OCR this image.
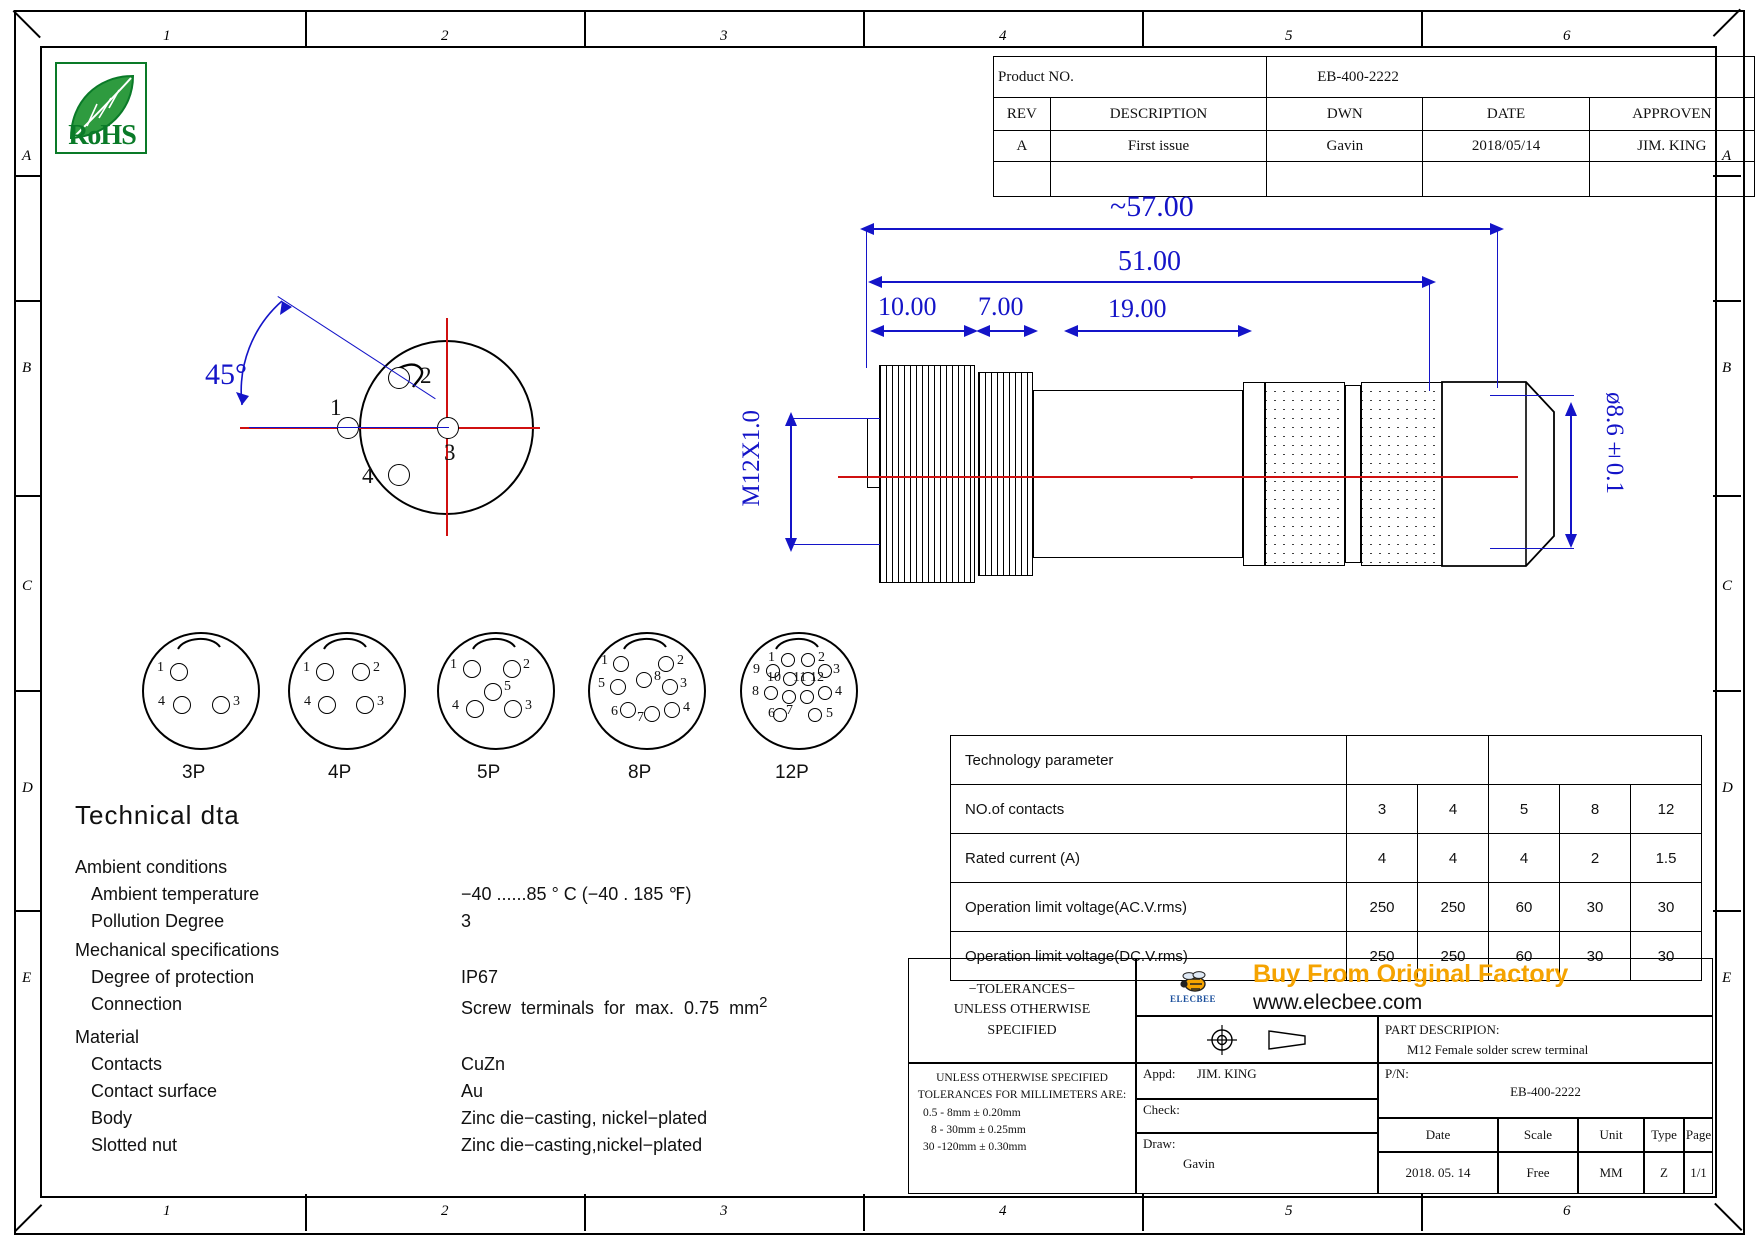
1	2	3	4	5	6
1	2	3	4	5	6
A
B
C
D
E
A
B
C
D
E
RoHS
Product NO.		EB-400-2222		
REV	DESCRIPTION	DWN	DATE	APPROVEN
A	First issue	Gavin	2018/05/14	JIM. KING

1
2
3
4
45°
~57.00
51.00
10.00 7.00	19.00
M12X1.0	ø8.6±0.1
1
4	3
3P
1	2
4	3
4P
1	2
5
4	3
5P
1	2
8 3
5
6 7
4
8P
1	2
3
9
10 11 12
4
8
7
6	5
12P
Technical dta
Ambient conditions
Ambient temperature	−40 ......85 ° C (−40 . 185 ℉)
Pollution Degree	3
Mechanical specifications
Degree of protection	IP67
Connection	Screw  terminals  for  max.  0.75  $mm^2$
Material
Contacts	CuZn
Contact surface	Au
Body	Zinc die−casting, nickel−plated
Slotted nut	Zinc die−casting,nickel−plated
Technology parameter					
NO.of contacts	3	4	5	8	12
Rated current (A)	4	4	4	2	1.5
Operation limit voltage(AC.V.rms)	250	250	60	30	30
Operation limit voltage(DC.V.rms)	250	250	60	30	30
−TOLERANCES−
UNLESS OTHERWISE
SPECIFIED
UNLESS OTHERWISE SPECIFIED
TOLERANCES FOR MILLIMETERS ARE:
0.5 - 8mm ± 0.20mm
8 - 30mm ± 0.25mm
30 -120mm ± 0.30mm
ELECBEE
Buy From Original Factory
www.elecbee.com
PART DESCRIPION:
M12 Female solder screw terminal
Appd: JIM. KING	P/N:
EB-400-2222
Check:
Date	Scale	Unit	Type Page
Draw:
Gavin
2018. 05. 14	Free	MM	Z	1/1
